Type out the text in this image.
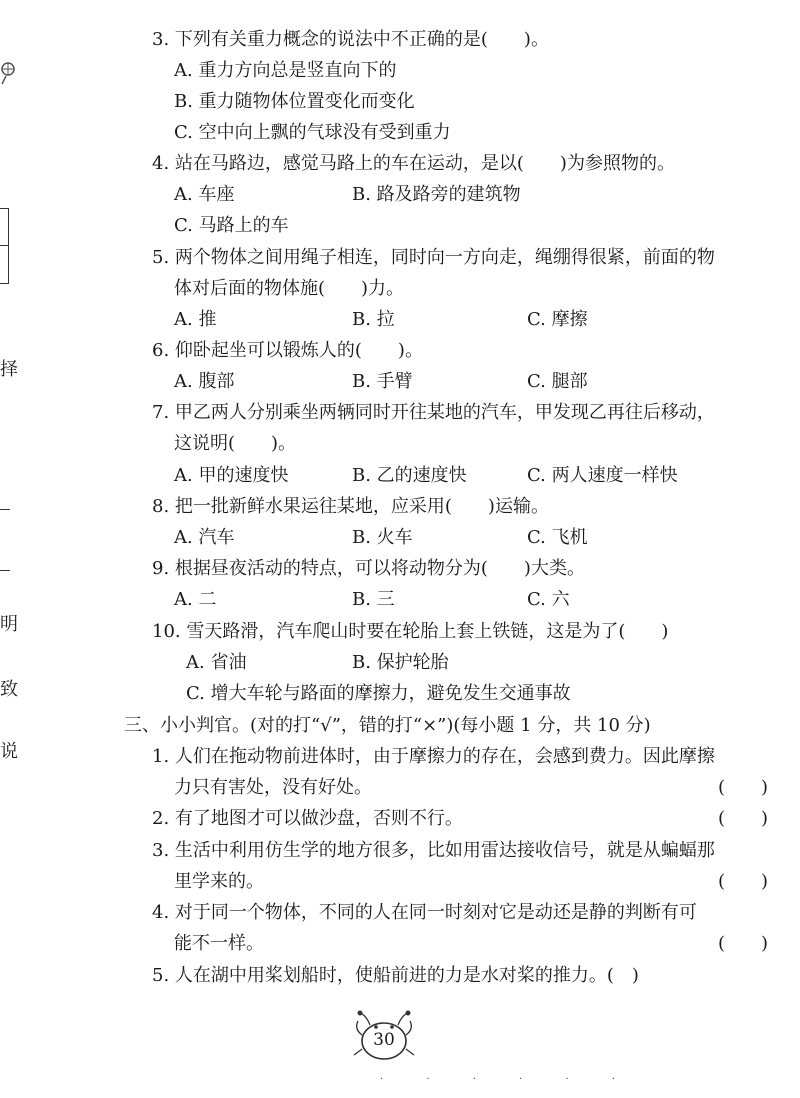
择
明
致
说
3. 下列有关重力概念的说法中不正确的是(　　)。
A. 重力方向总是竖直向下的
B. 重力随物体位置变化而变化
C. 空中向上飘的气球没有受到重力
4. 站在马路边，感觉马路上的车在运动，是以(　　)为参照物的。
A. 车座	B. 路及路旁的建筑物
C. 马路上的车
5. 两个物体之间用绳子相连，同时向一方向走，绳绷得很紧，前面的物
体对后面的物体施(　　)力。
A. 推	B. 拉	C. 摩擦
6. 仰卧起坐可以锻炼人的(　　)。
A. 腹部	B. 手臂	C. 腿部
7. 甲乙两人分别乘坐两辆同时开往某地的汽车，甲发现乙再往后移动，
这说明(　　)。
A. 甲的速度快	B. 乙的速度快	C. 两人速度一样快
8. 把一批新鲜水果运往某地，应采用(　　)运输。
A. 汽车	B. 火车	C. 飞机
9. 根据昼夜活动的特点，可以将动物分为(　　)大类。
A. 二	B. 三	C. 六
10. 雪天路滑，汽车爬山时要在轮胎上套上铁链，这是为了(　　)
A. 省油	B. 保护轮胎
C. 增大车轮与路面的摩擦力，避免发生交通事故
三、小小判官。(对的打“√”，错的打“×”)(每小题 1 分，共 10 分)
1. 人们在拖动物前进体时，由于摩擦力的存在，会感到费力。因此摩擦
力只有害处，没有好处。	(　　)
2. 有了地图才可以做沙盘，否则不行。	(　　)
3. 生活中利用仿生学的地方很多，比如用雷达接收信号，就是从蝙蝠那
里学来的。	(　　)
4. 对于同一个物体，不同的人在同一时刻对它是动还是静的判断有可
能不一样。	(　　)
5. 人在湖中用桨划船时，使船前进的力是水对桨的推力。(　)
30
· · · · · ·
